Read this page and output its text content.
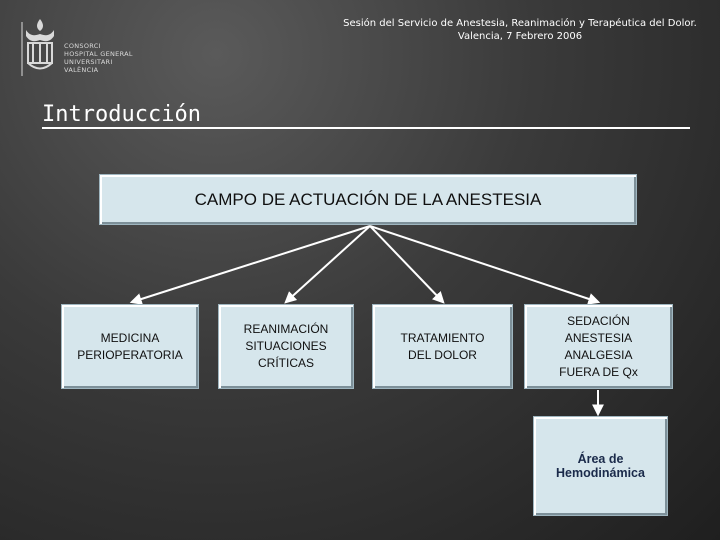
CONSORCI
HOSPITAL GENERAL
UNIVERSITARI
VALÈNCIA
Sesión del Servicio de Anestesia, Reanimación y Terapéutica del Dolor.
Valencia, 7 Febrero 2006
Introducción
CAMPO DE ACTUACIÓN DE LA ANESTESIA
MEDICINA
PERIOPERATORIA
REANIMACIÓN
SITUACIONES
CRÍTICAS
TRATAMIENTO
DEL DOLOR
SEDACIÓN
ANESTESIA
ANALGESIA
FUERA DE Qx
Área de
Hemodinámica
